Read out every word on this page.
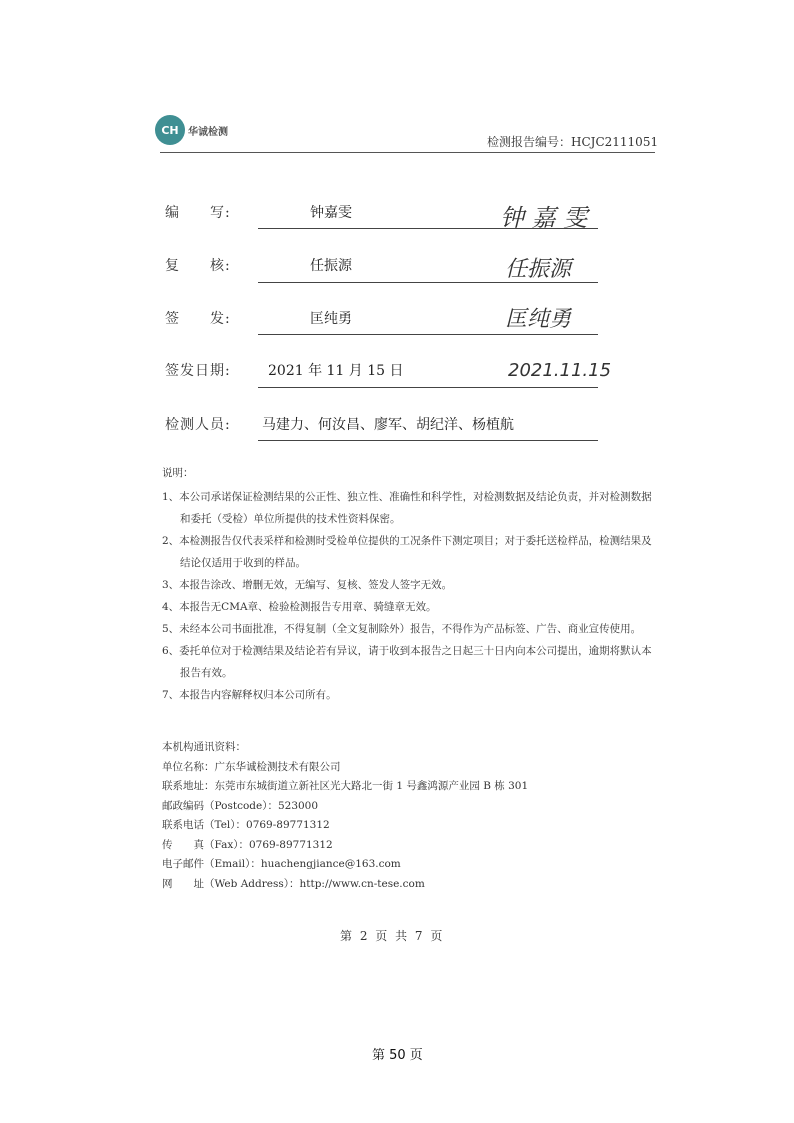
CH 华诚检测
检测报告编号：HCJC2111051
编　　写:	钟嘉雯	钟 嘉 雯
复　　核:	任振源	任振源
签　　发:	匡纯勇	匡纯勇
签发日期:	2021 年 11 月 15 日	2021.11.15
检测人员: 马建力、何汝昌、廖军、胡纪洋、杨植航
说明：
1、本公司承诺保证检测结果的公正性、独立性、准确性和科学性，对检测数据及结论负责，并对检测数据和委托（受检）单位所提供的技术性资料保密。
2、本检测报告仅代表采样和检测时受检单位提供的工况条件下测定项目；对于委托送检样品，检测结果及结论仅适用于收到的样品。
3、本报告涂改、增删无效，无编写、复核、签发人签字无效。
4、本报告无CMA章、检验检测报告专用章、骑缝章无效。
5、未经本公司书面批准，不得复制（全文复制除外）报告，不得作为产品标签、广告、商业宣传使用。
6、委托单位对于检测结果及结论若有异议，请于收到本报告之日起三十日内向本公司提出，逾期将默认本报告有效。
7、本报告内容解释权归本公司所有。
本机构通讯资料：
单位名称：广东华诚检测技术有限公司
联系地址：东莞市东城街道立新社区光大路北一街 1 号鑫鸿源产业园 B 栋 301
邮政编码（Postcode）：523000
联系电话（Tel）：0769-89771312
传　　真（Fax）：0769-89771312
电子邮件（Email）：huachengjiance@163.com
网　　址（Web Address）：http://www.cn-tese.com
第 2 页 共 7 页
第 50 页
